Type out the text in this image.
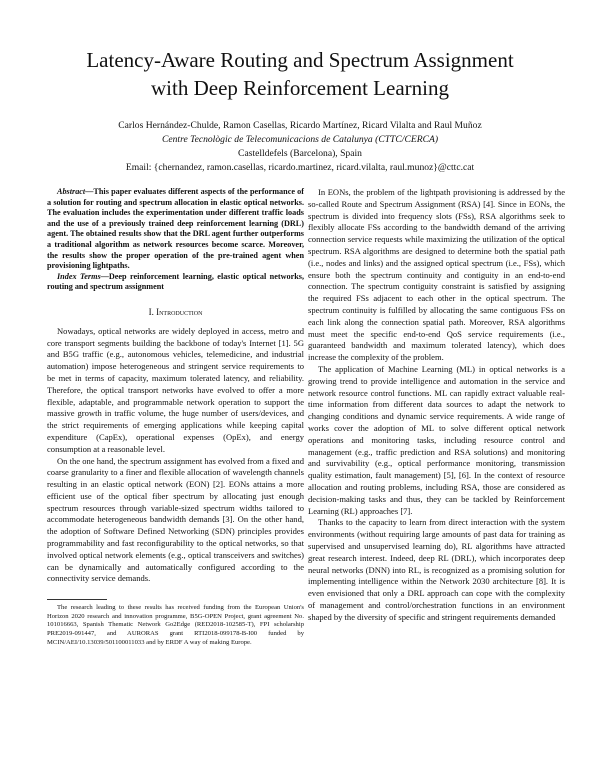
Latency-Aware Routing and Spectrum Assignment
with Deep Reinforcement Learning
Carlos Hernández-Chulde, Ramon Casellas, Ricardo Martínez, Ricard Vilalta and Raul Muñoz
Centre Tecnològic de Telecomunicacions de Catalunya (CTTC/CERCA)
Castelldefels (Barcelona), Spain
Email: {chernandez, ramon.casellas, ricardo.martinez, ricard.vilalta, raul.munoz}@cttc.cat

Abstract—This paper evaluates different aspects of the performance of a solution for routing and spectrum allocation in elastic optical networks. The evaluation includes the experimentation under different traffic loads and the use of a previously trained deep reinforcement learning (DRL) agent. The obtained results show that the DRL agent further outperforms a traditional algorithm as network resources become scarce. Moreover, the results show the proper operation of the pre-trained agent when provisioning lightpaths.

Index Terms—Deep reinforcement learning, elastic optical networks, routing and spectrum assignment

I. Introduction

Nowadays, optical networks are widely deployed in access, metro and core transport segments building the backbone of today's Internet [1]. 5G and B5G traffic (e.g., autonomous vehicles, telemedicine, and industrial automation) impose heterogeneous and stringent service requirements to be met in terms of capacity, maximum tolerated latency, and reliability. Therefore, the optical transport networks have evolved to offer a more flexible, adaptable, and programmable network operation to support the massive growth in traffic volume, the huge number of users/devices, and the strict requirements of emerging applications while keeping capital expenditure (CapEx), operational expenses (OpEx), and energy consumption at a reasonable level.

On the one hand, the spectrum assignment has evolved from a fixed and coarse granularity to a finer and flexible allocation of wavelength channels resulting in an elastic optical network (EON) [2]. EONs attains a more efficient use of the optical fiber spectrum by allocating just enough spectrum resources through variable-sized spectrum widths tailored to accommodate heterogeneous bandwidth demands [3]. On the other hand, the adoption of Software Defined Networking (SDN) principles provides programmability and fast reconfigurability to the optical networks, so that involved optical network elements (e.g., optical transceivers and switches) can be dynamically and automatically configured according to the connectivity service demands.

The research leading to these results has received funding from the European Union's Horizon 2020 research and innovation programme, B5G-OPEN Project, grant agreement No. 101016663, Spanish Thematic Network Go2Edge (RED2018-102585-T), FPI scholarship PRE2019-091447, and AURORAS grant RTI2018-099178-B-I00 funded by MCIN/AEI/10.13039/501100011033 and by ERDF A way of making Europe.

In EONs, the problem of the lightpath provisioning is addressed by the so-called Route and Spectrum Assignment (RSA) [4]. Since in EONs, the spectrum is divided into frequency slots (FSs), RSA algorithms seek to flexibly allocate FSs according to the bandwidth demand of the arriving connection service requests while maximizing the utilization of the optical spectrum. RSA algorithms are designed to determine both the spatial path (i.e., nodes and links) and the assigned optical spectrum (i.e., FSs), which ensure both the spectrum continuity and contiguity in an end-to-end connection. The spectrum contiguity constraint is satisfied by assigning the required FSs adjacent to each other in the optical spectrum. The spectrum continuity is fulfilled by allocating the same contiguous FSs on each link along the connection spatial path. Moreover, RSA algorithms must meet the specific end-to-end QoS service requirements (i.e., guaranteed bandwidth and maximum tolerated latency), which does increase the complexity of the problem.

The application of Machine Learning (ML) in optical networks is a growing trend to provide intelligence and automation in the service and network resource control functions. ML can rapidly extract valuable real-time information from different data sources to adapt the network to changing conditions and dynamic service requirements. A wide range of works cover the adoption of ML to solve different optical network operations and monitoring tasks, including resource control and management (e.g., traffic prediction and RSA solutions) and monitoring and survivability (e.g., optical performance monitoring, transmission quality estimation, fault management) [5], [6]. In the context of resource allocation and routing problems, including RSA, those are considered as decision-making tasks and thus, they can be tackled by Reinforcement Learning (RL) approaches [7].

Thanks to the capacity to learn from direct interaction with the system environments (without requiring large amounts of past data for training as supervised and unsupervised learning do), RL algorithms have attracted great research interest. Indeed, deep RL (DRL), which incorporates deep neural networks (DNN) into RL, is recognized as a promising solution for implementing intelligence within the Network 2030 architecture [8]. It is even envisioned that only a DRL approach can cope with the complexity of management and control/orchestration functions in an environment shaped by the diversity of specific and stringent requirements demanded
